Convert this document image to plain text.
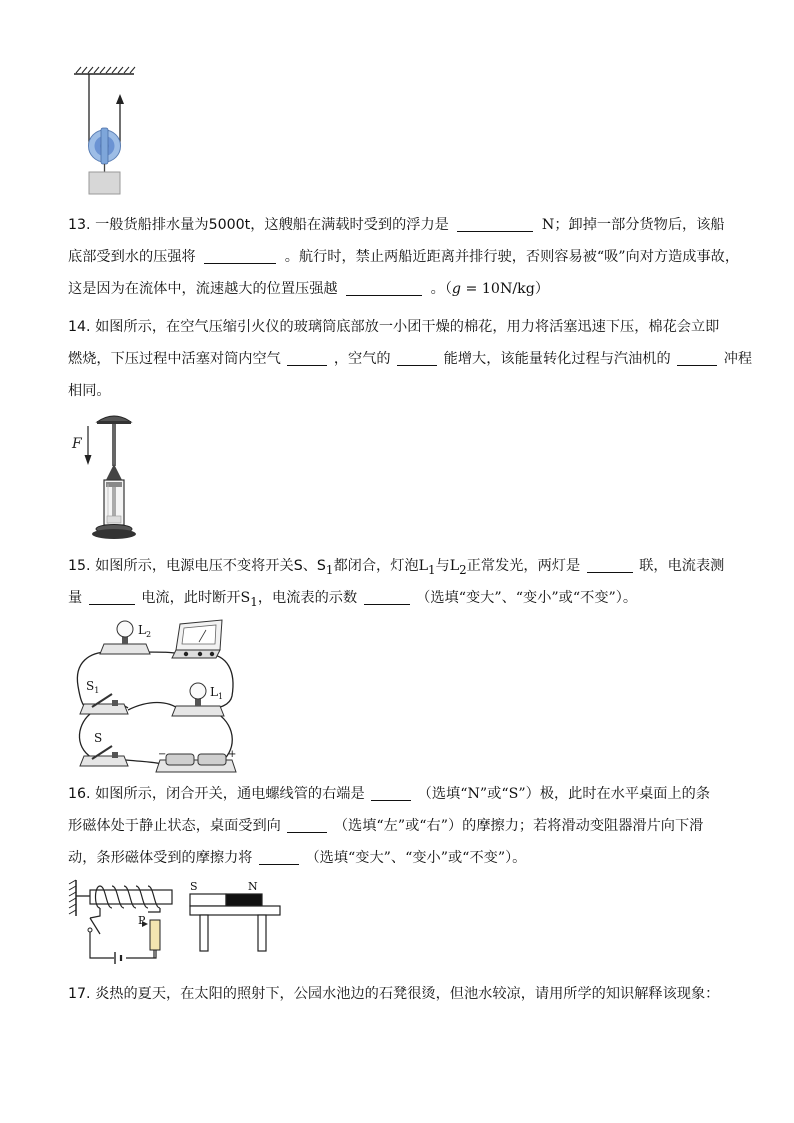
13. 一般货船排水量为5000t，这艘船在满载时受到的浮力是	N；卸掉一部分货物后，该船
底部受到水的压强将	。航行时，禁止两船近距离并排行驶，否则容易被“吸”向对方造成事故，
这是因为在流体中，流速越大的位置压强越	。（g = 10N/kg）
14. 如图所示，在空气压缩引火仪的玻璃筒底部放一小团干燥的棉花，用力将活塞迅速下压，棉花会立即
燃烧，下压过程中活塞对筒内空气	，空气的	能增大，该能量转化过程与汽油机的	冲程
相同。
F
15. 如图所示，电源电压不变将开关S、$S_1$都闭合，灯泡$L_1$与$L_2$正常发光，两灯是	联，电流表测
量	电流，此时断开$S_1$，电流表的示数	（选填“变大”、“变小”或“不变”）。
$L_2$
$S_1$	$L_1$
S
−	+
16. 如图所示，闭合开关，通电螺线管的右端是	（选填“N”或“S”）极，此时在水平桌面上的条
形磁体处于静止状态，桌面受到向	（选填“左”或“右”）的摩擦力；若将滑动变阻器滑片向下滑
动，条形磁体受到的摩擦力将	（选填“变大”、“变小”或“不变”）。
P
S	N
17. 炎热的夏天，在太阳的照射下，公园水池边的石凳很烫，但池水较凉，请用所学的知识解释该现象：
